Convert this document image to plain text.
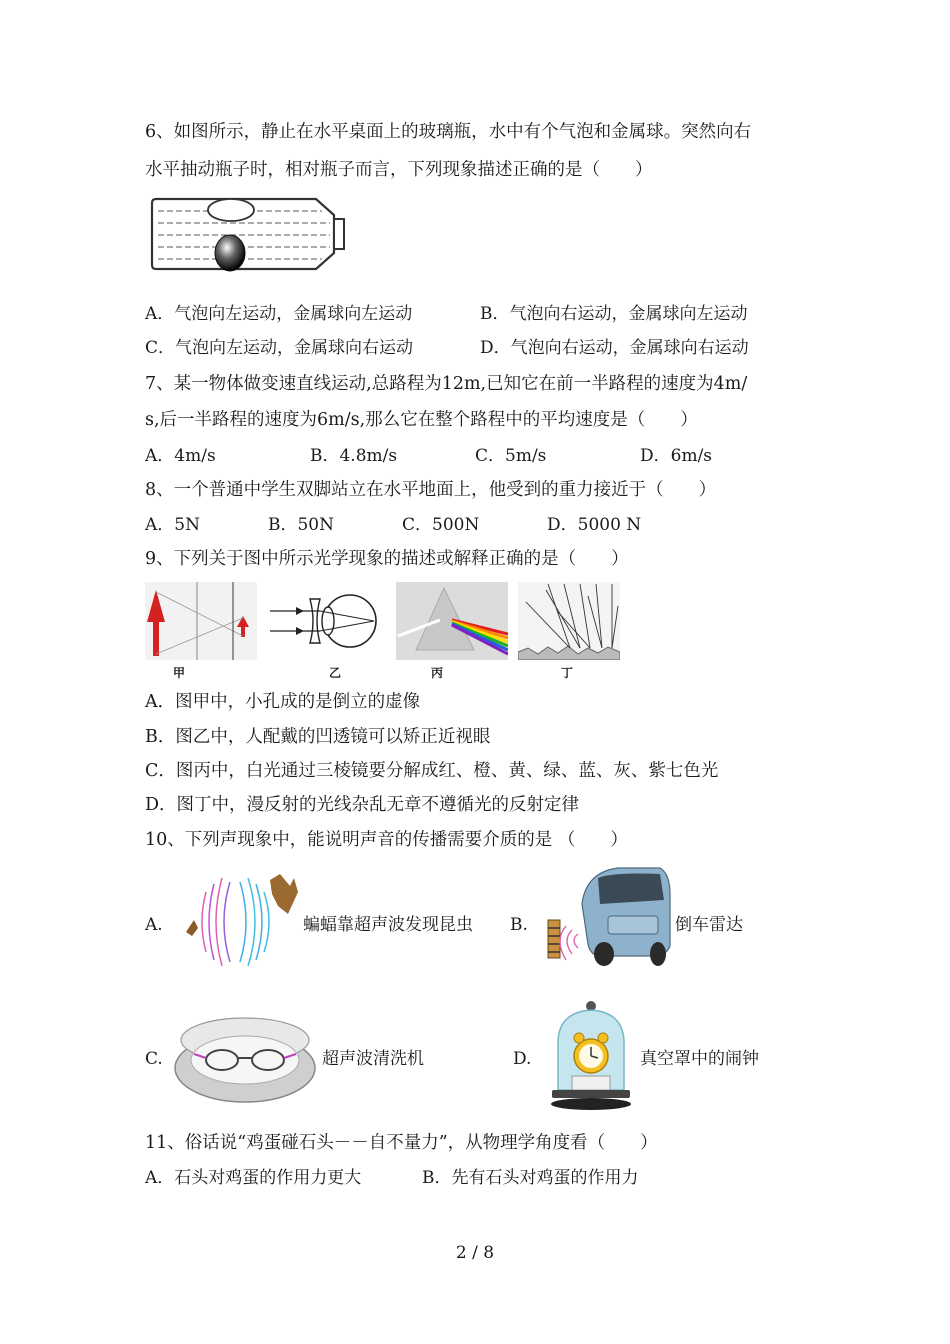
6、如图所示，静止在水平桌面上的玻璃瓶，水中有个气泡和金属球。突然向右
水平抽动瓶子时，相对瓶子而言，下列现象描述正确的是（　　）
A．气泡向左运动，金属球向左运动	B．气泡向右运动，金属球向左运动
C．气泡向左运动，金属球向右运动	D．气泡向右运动，金属球向右运动
7、某一物体做变速直线运动,总路程为12m,已知它在前一半路程的速度为4m/
s,后一半路程的速度为6m/s,那么它在整个路程中的平均速度是（　　）
A．4m/s	B．4.8m/s	C．5m/s	D．6m/s
8、一个普通中学生双脚站立在水平地面上，他受到的重力接近于（　　）
A．5N	B．50N	C．500N	D．5000 N
9、下列关于图中所示光学现象的描述或解释正确的是（　　）
甲	乙	丙	丁
A．图甲中，小孔成的是倒立的虚像
B．图乙中，人配戴的凹透镜可以矫正近视眼
C．图丙中，白光通过三棱镜要分解成红、橙、黄、绿、蓝、灰、紫七色光
D．图丁中，漫反射的光线杂乱无章不遵循光的反射定律
10、下列声现象中，能说明声音的传播需要介质的是 （　　）
A.	蝙蝠靠超声波发现昆虫 B.	倒车雷达
C.	超声波清洗机	D.	真空罩中的闹钟
11、俗话说“鸡蛋碰石头－－自不量力”，从物理学角度看（　　）
A．石头对鸡蛋的作用力更大	B．先有石头对鸡蛋的作用力
2 / 8
